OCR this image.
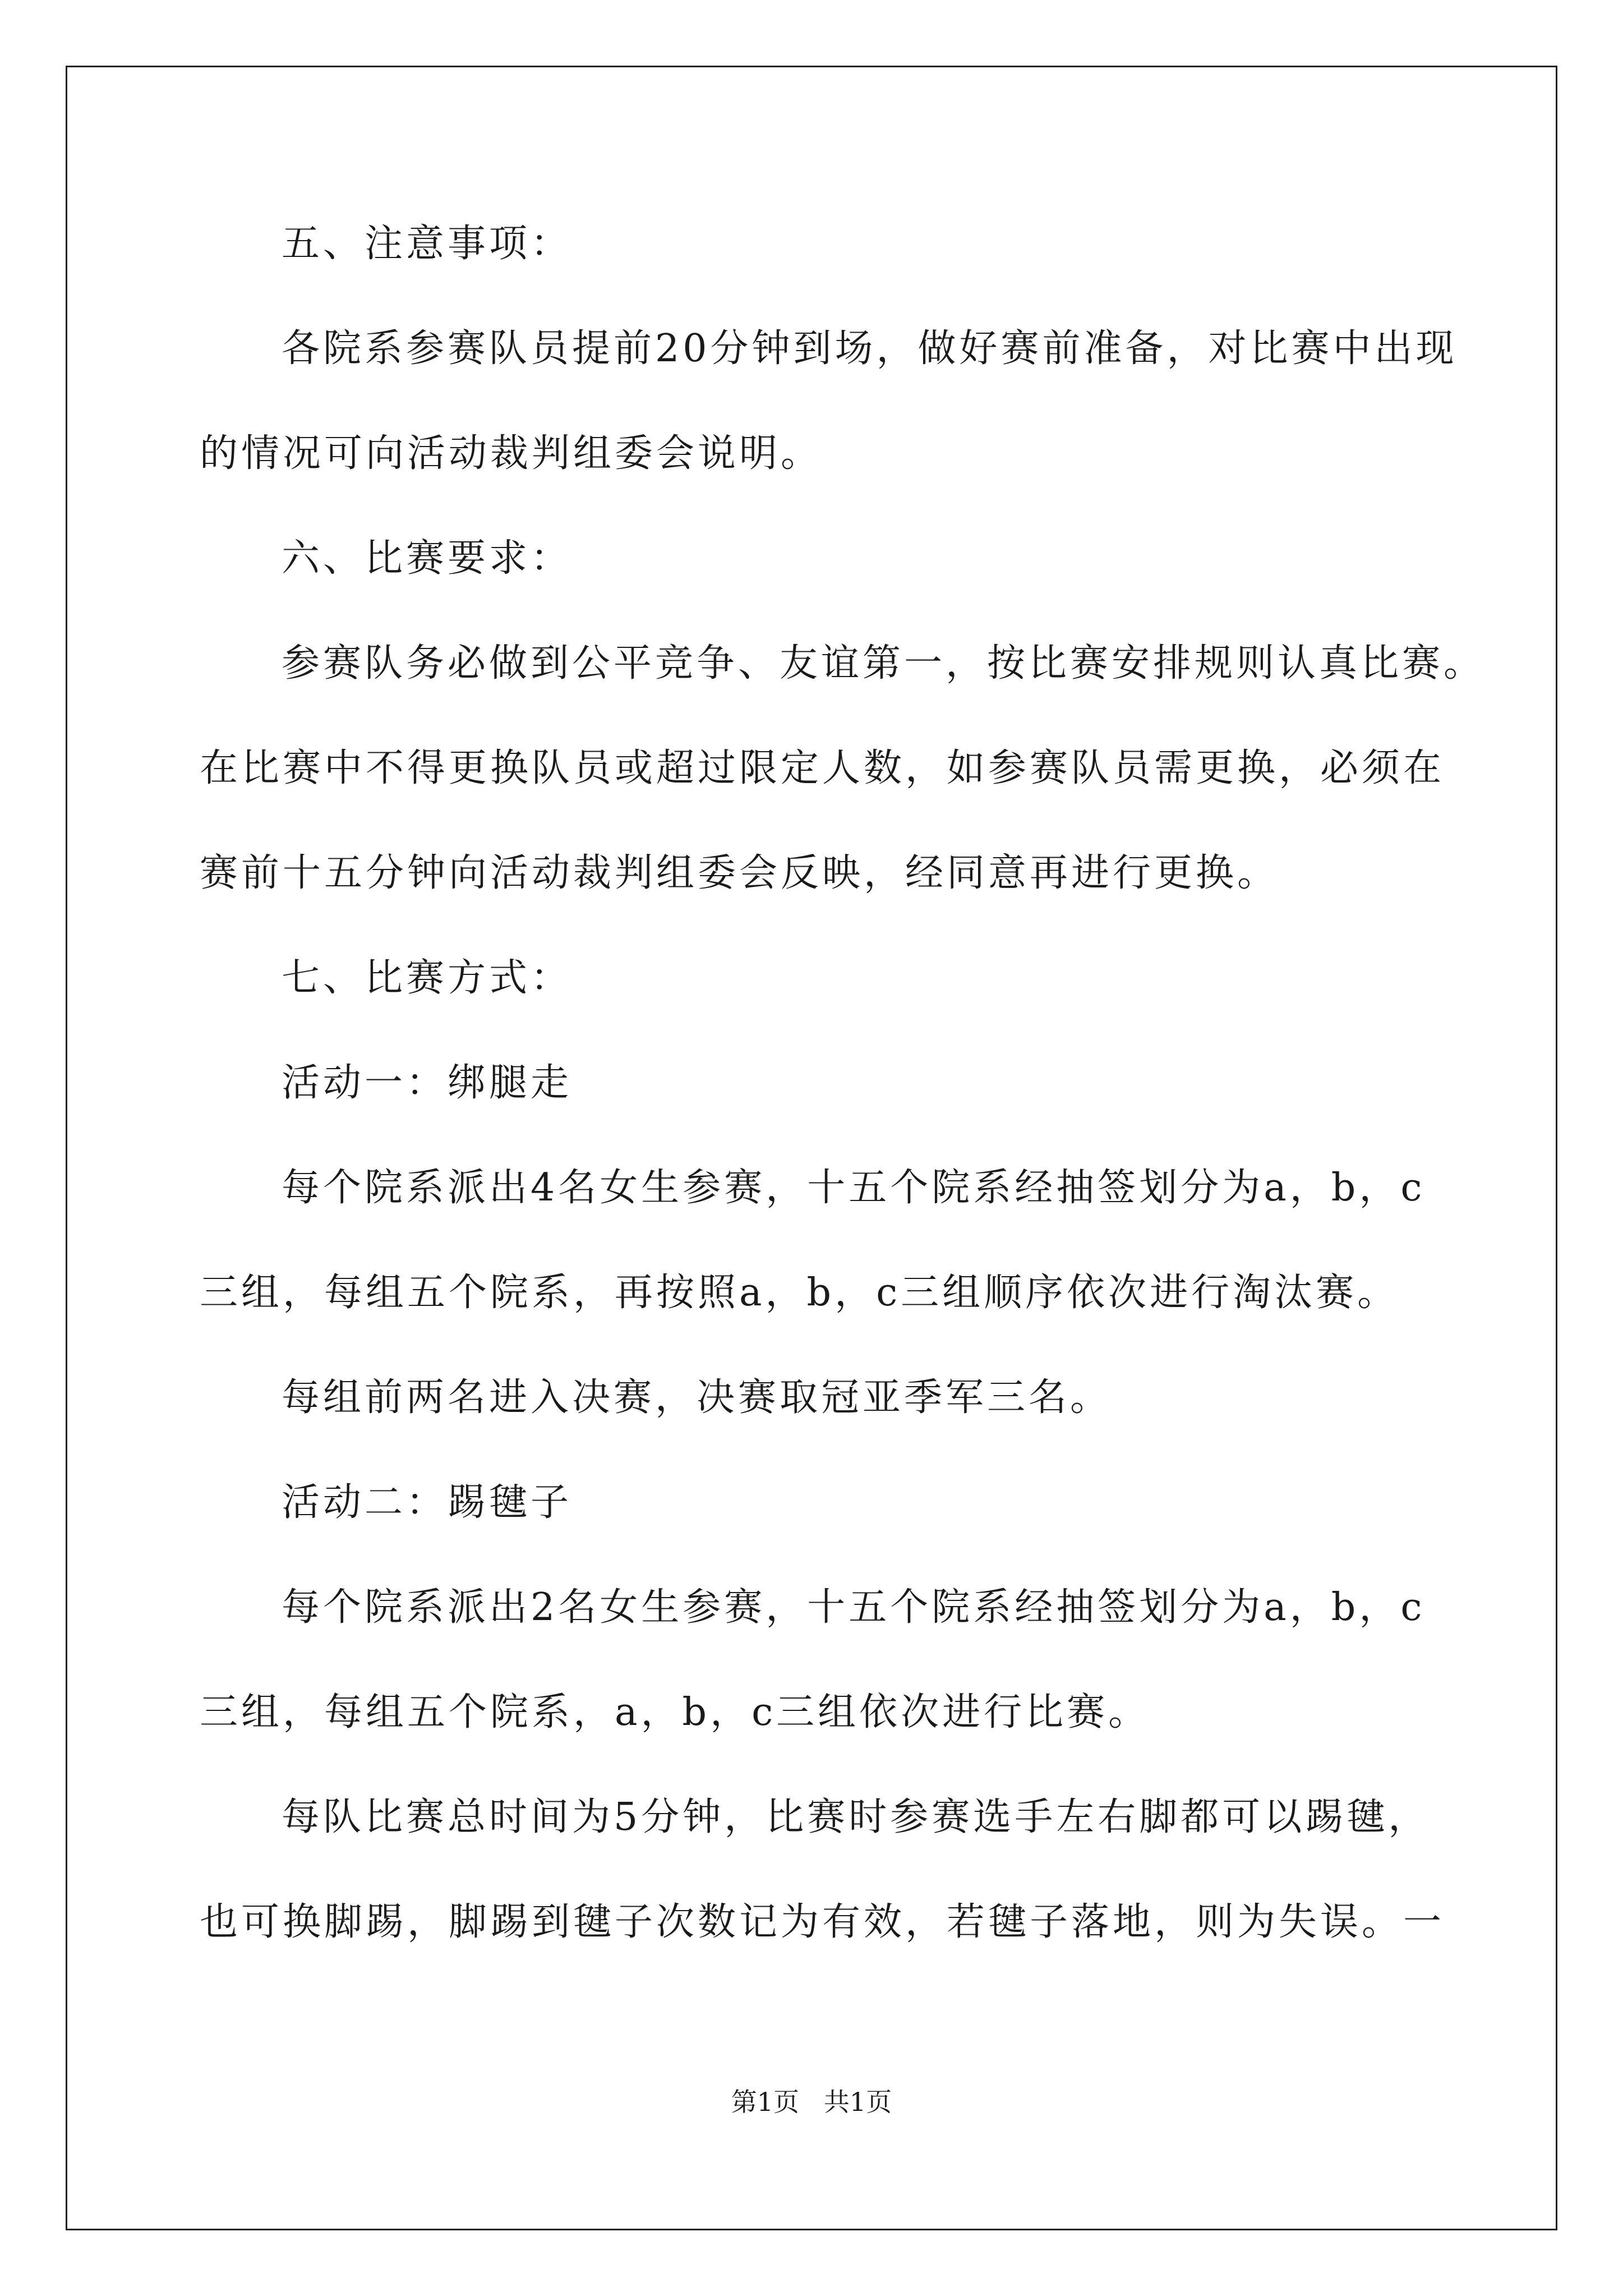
五、注意事项：
各院系参赛队员提前20分钟到场，做好赛前准备，对比赛中出现
的情况可向活动裁判组委会说明。
六、比赛要求：
参赛队务必做到公平竞争、友谊第一，按比赛安排规则认真比赛。
在比赛中不得更换队员或超过限定人数，如参赛队员需更换，必须在
赛前十五分钟向活动裁判组委会反映，经同意再进行更换。
七、比赛方式：
活动一：绑腿走
每个院系派出4名女生参赛，十五个院系经抽签划分为a，b，c
三组，每组五个院系，再按照a，b，c三组顺序依次进行淘汰赛。
每组前两名进入决赛，决赛取冠亚季军三名。
活动二：踢毽子
每个院系派出2名女生参赛，十五个院系经抽签划分为a，b，c
三组，每组五个院系，a，b，c三组依次进行比赛。
每队比赛总时间为5分钟，比赛时参赛选手左右脚都可以踢毽，
也可换脚踢，脚踢到毽子次数记为有效，若毽子落地，则为失误。一
第1页   共1页
